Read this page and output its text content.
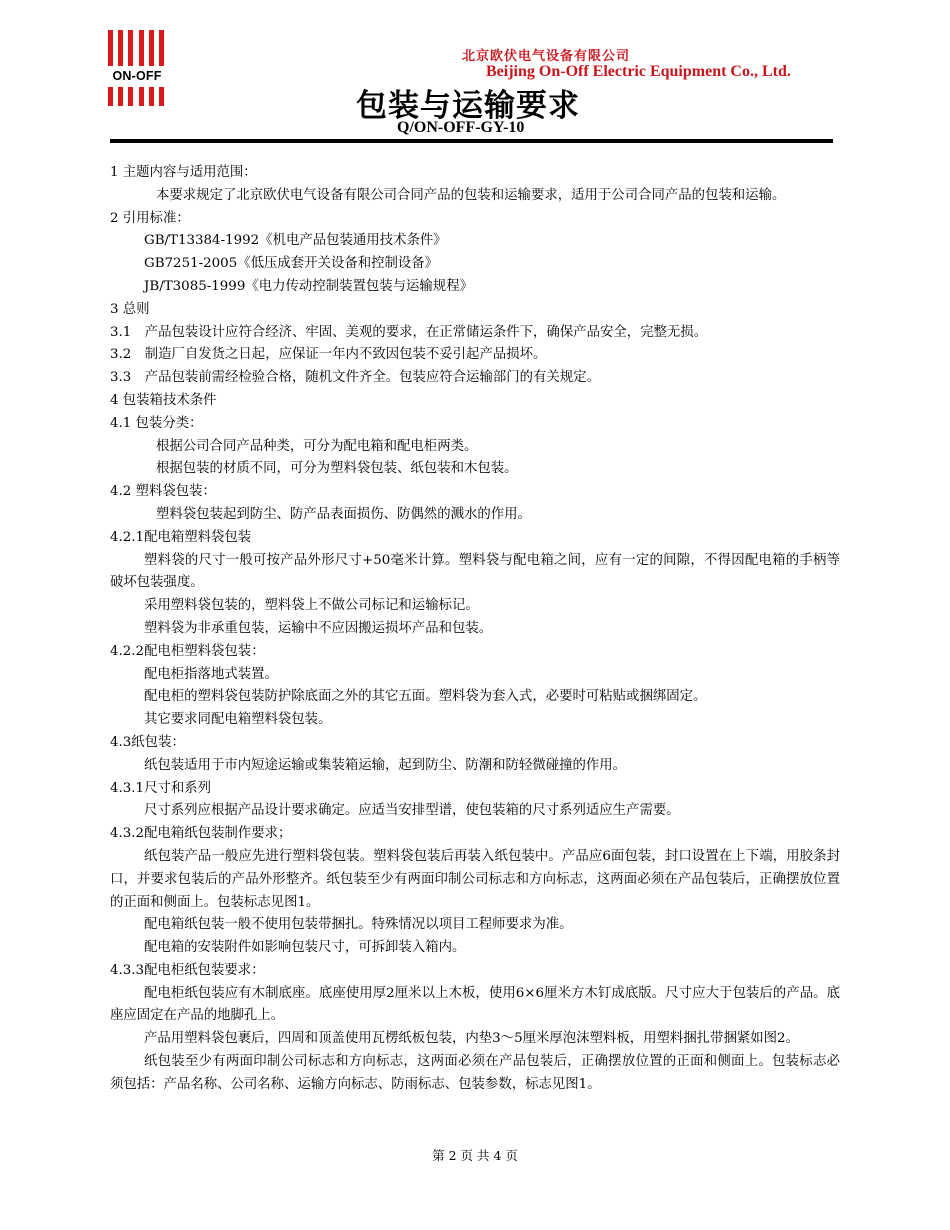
ON-OFF
北京欧伏电气设备有限公司
Beijing On-Off Electric Equipment Co., Ltd.
包装与运输要求
Q/ON-OFF-GY-10

1 主题内容与适用范围：

本要求规定了北京欧伏电气设备有限公司合同产品的包装和运输要求，适用于公司合同产品的包装和运输。

2 引用标准：

GB/T13384-1992《机电产品包装通用技术条件》

GB7251-2005《低压成套开关设备和控制设备》

JB/T3085-1999《电力传动控制装置包装与运输规程》

3 总则

3.1　产品包装设计应符合经济、牢固、美观的要求，在正常储运条件下，确保产品安全，完整无损。

3.2　制造厂自发货之日起，应保证一年内不致因包装不妥引起产品损坏。

3.3　产品包装前需经检验合格，随机文件齐全。包装应符合运输部门的有关规定。

4 包装箱技术条件

4.1 包装分类：

根据公司合同产品种类，可分为配电箱和配电柜两类。

根据包装的材质不同，可分为塑料袋包装、纸包装和木包装。

4.2 塑料袋包装：

塑料袋包装起到防尘、防产品表面损伤、防偶然的溅水的作用。

4.2.1配电箱塑料袋包装

塑料袋的尺寸一般可按产品外形尺寸+50毫米计算。塑料袋与配电箱之间，应有一定的间隙，不得因配电箱的手柄等破坏包装强度。

采用塑料袋包装的，塑料袋上不做公司标记和运输标记。

塑料袋为非承重包装，运输中不应因搬运损坏产品和包装。

4.2.2配电柜塑料袋包装：

配电柜指落地式装置。

配电柜的塑料袋包装防护除底面之外的其它五面。塑料袋为套入式，必要时可粘贴或捆绑固定。

其它要求同配电箱塑料袋包装。

4.3纸包装：

纸包装适用于市内短途运输或集装箱运输，起到防尘、防潮和防轻微碰撞的作用。

4.3.1尺寸和系列

尺寸系列应根据产品设计要求确定。应适当安排型谱，使包装箱的尺寸系列适应生产需要。

4.3.2配电箱纸包装制作要求；

纸包装产品一般应先进行塑料袋包装。塑料袋包装后再装入纸包装中。产品应6面包装，封口设置在上下端，用胶条封口，并要求包装后的产品外形整齐。纸包装至少有两面印制公司标志和方向标志，这两面必须在产品包装后，正确摆放位置的正面和侧面上。包装标志见图1。

配电箱纸包装一般不使用包装带捆扎。特殊情况以项目工程师要求为准。

配电箱的安装附件如影响包装尺寸，可拆卸装入箱内。

4.3.3配电柜纸包装要求：

配电柜纸包装应有木制底座。底座使用厚2厘米以上木板，使用6×6厘米方木钉成底版。尺寸应大于包装后的产品。底座应固定在产品的地脚孔上。

产品用塑料袋包裹后，四周和顶盖使用瓦楞纸板包装，内垫3～5厘米厚泡沫塑料板，用塑料捆扎带捆紧如图2。

纸包装至少有两面印制公司标志和方向标志，这两面必须在产品包装后，正确摆放位置的正面和侧面上。包装标志必须包括：产品名称、公司名称、运输方向标志、防雨标志、包装参数，标志见图1。

第 2 页 共 4 页
